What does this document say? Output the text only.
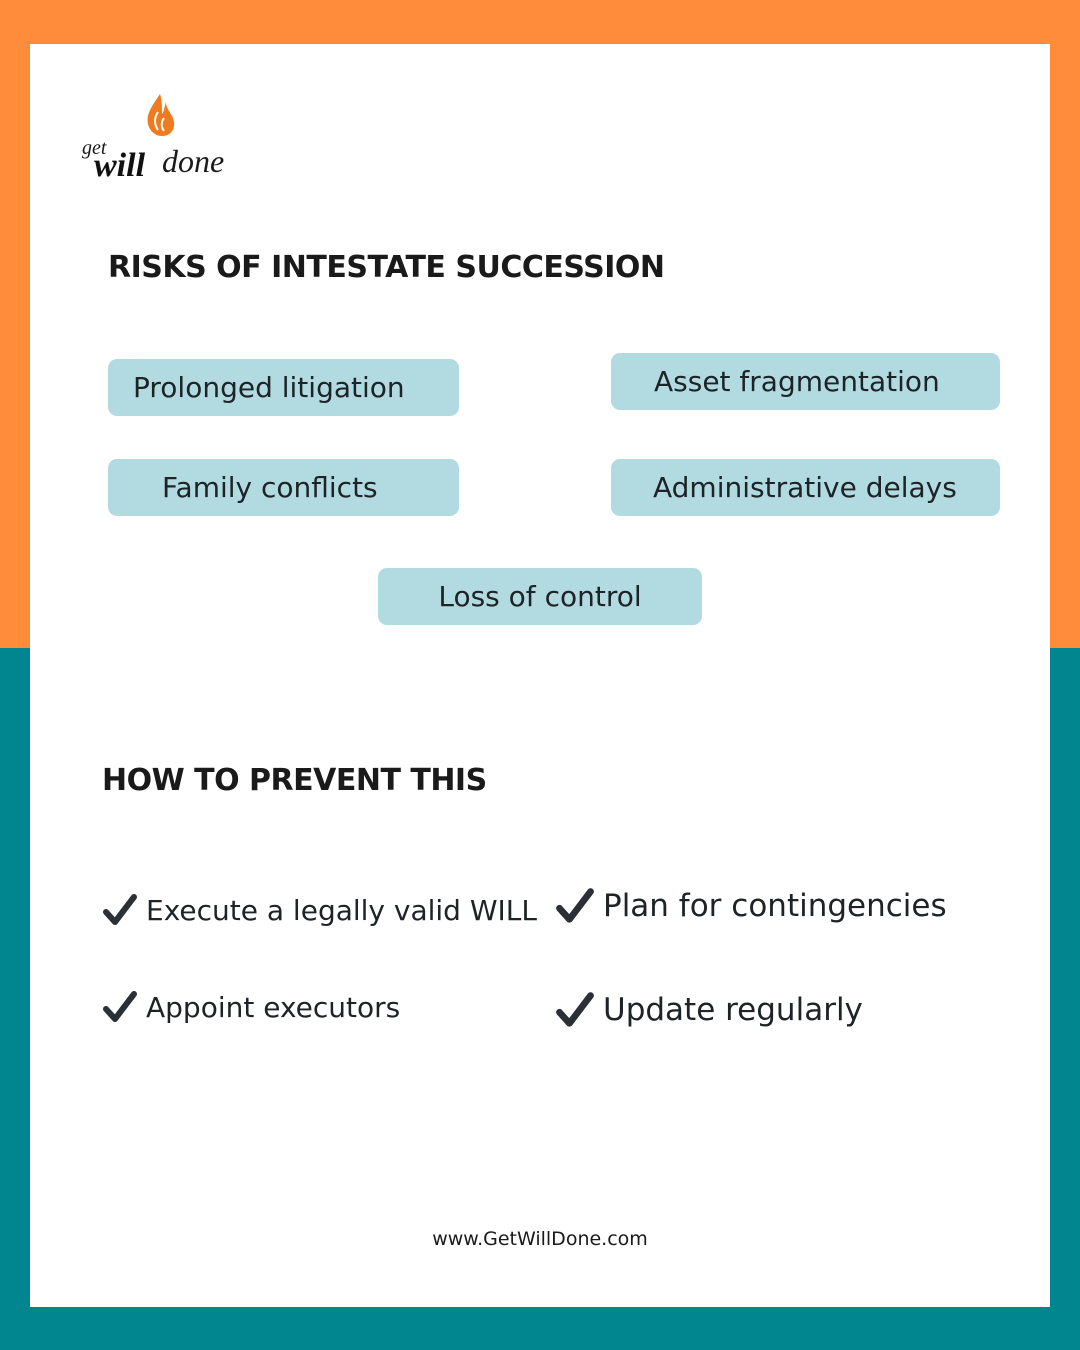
get
will done
RISKS OF INTESTATE SUCCESSION
Prolonged litigation	Asset fragmentation
Family conflicts	Administrative delays
Loss of control
HOW TO PREVENT THIS
Execute a legally valid WILL Plan for contingencies
Appoint executors	Update regularly
www.GetWillDone.com
